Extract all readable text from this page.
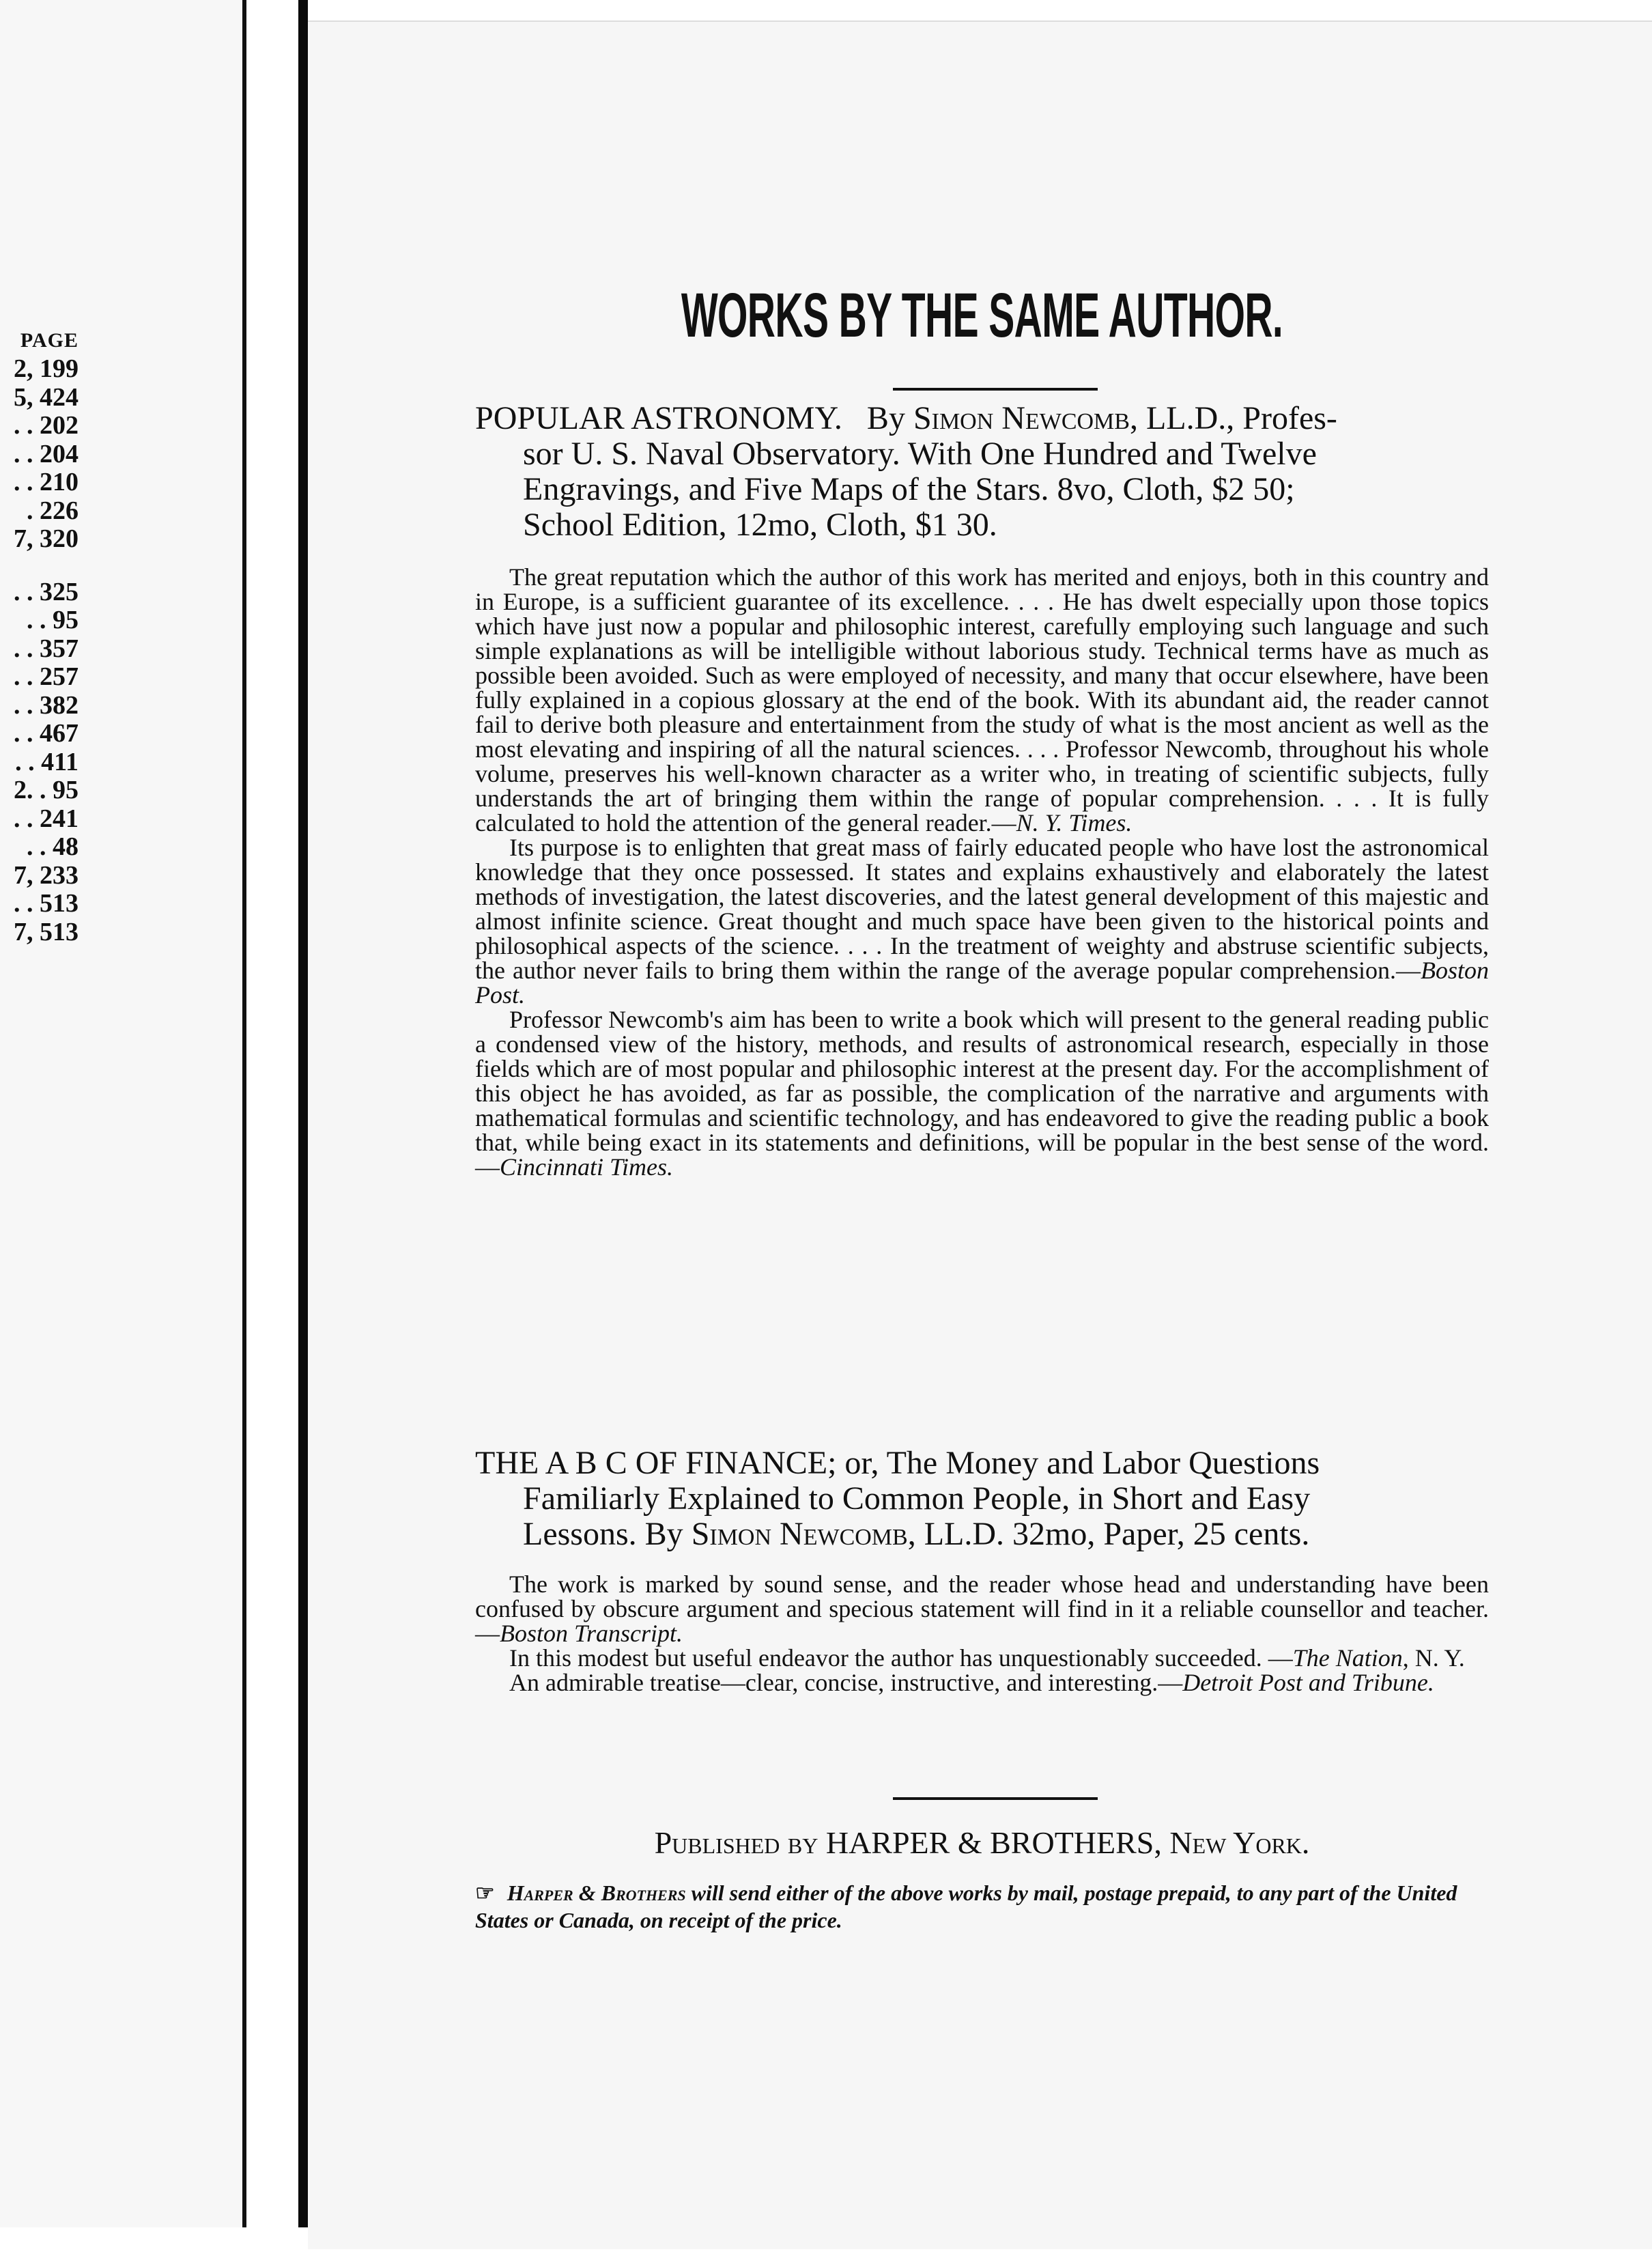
PAGE
2, 199
5, 424
. . 202
. . 204
. . 210
. 226
7, 320
. . 325
. . 95
. . 357
. . 257
. . 382
. . 467
. . 411
2. . 95
. . 241
. . 48
7, 233
. . 513
7, 513
WORKS BY THE SAME AUTHOR.
POPULAR ASTRONOMY. By Simon Newcomb, LL.D., Profes-
sor U. S. Naval Observatory. With One Hundred and Twelve
Engravings, and Five Maps of the Stars. 8vo, Cloth, $2 50;
School Edition, 12mo, Cloth, $1 30.

The great reputation which the author of this work has merited and enjoys, both in this country and in Europe, is a sufficient guarantee of its excellence. . . . He has dwelt especially upon those topics which have just now a popular and philosophic interest, carefully employing such language and such simple explanations as will be intelligible without laborious study. Technical terms have as much as possible been avoided. Such as were employed of necessity, and many that occur elsewhere, have been fully explained in a copious glossary at the end of the book. With its abundant aid, the reader cannot fail to derive both pleasure and entertainment from the study of what is the most ancient as well as the most elevating and inspiring of all the natural sciences. . . . Professor Newcomb, throughout his whole volume, preserves his well-known character as a writer who, in treating of scientific subjects, fully understands the art of bringing them within the range of popular comprehension. . . . It is fully calculated to hold the attention of the general reader.—N. Y. Times.

Its purpose is to enlighten that great mass of fairly educated people who have lost the astronomical knowledge that they once possessed. It states and explains exhaustively and elaborately the latest methods of investigation, the latest discoveries, and the latest general development of this majestic and almost infinite science. Great thought and much space have been given to the historical points and philosophical aspects of the science. . . . In the treatment of weighty and abstruse scientific subjects, the author never fails to bring them within the range of the average popular comprehension.—Boston Post.

Professor Newcomb's aim has been to write a book which will present to the general reading public a condensed view of the history, methods, and results of astronomical research, especially in those fields which are of most popular and philosophic interest at the present day. For the accomplishment of this object he has avoided, as far as possible, the complication of the narrative and arguments with mathematical formulas and scientific technology, and has endeavored to give the reading public a book that, while being exact in its statements and definitions, will be popular in the best sense of the word.—Cincinnati Times.

THE A B C OF FINANCE; or, The Money and Labor Questions
Familiarly Explained to Common People, in Short and Easy
Lessons. By Simon Newcomb, LL.D. 32mo, Paper, 25 cents.

The work is marked by sound sense, and the reader whose head and understanding have been confused by obscure argument and specious statement will find in it a reliable counsellor and teacher.—Boston Transcript.

In this modest but useful endeavor the author has unquestionably succeeded. —The Nation, N. Y.

An admirable treatise—clear, concise, instructive, and interesting.—Detroit Post and Tribune.

Published by HARPER & BROTHERS, New York.
☞ Harper & Brothers will send either of the above works by mail, postage prepaid, to any part of the United States or Canada, on receipt of the price.
